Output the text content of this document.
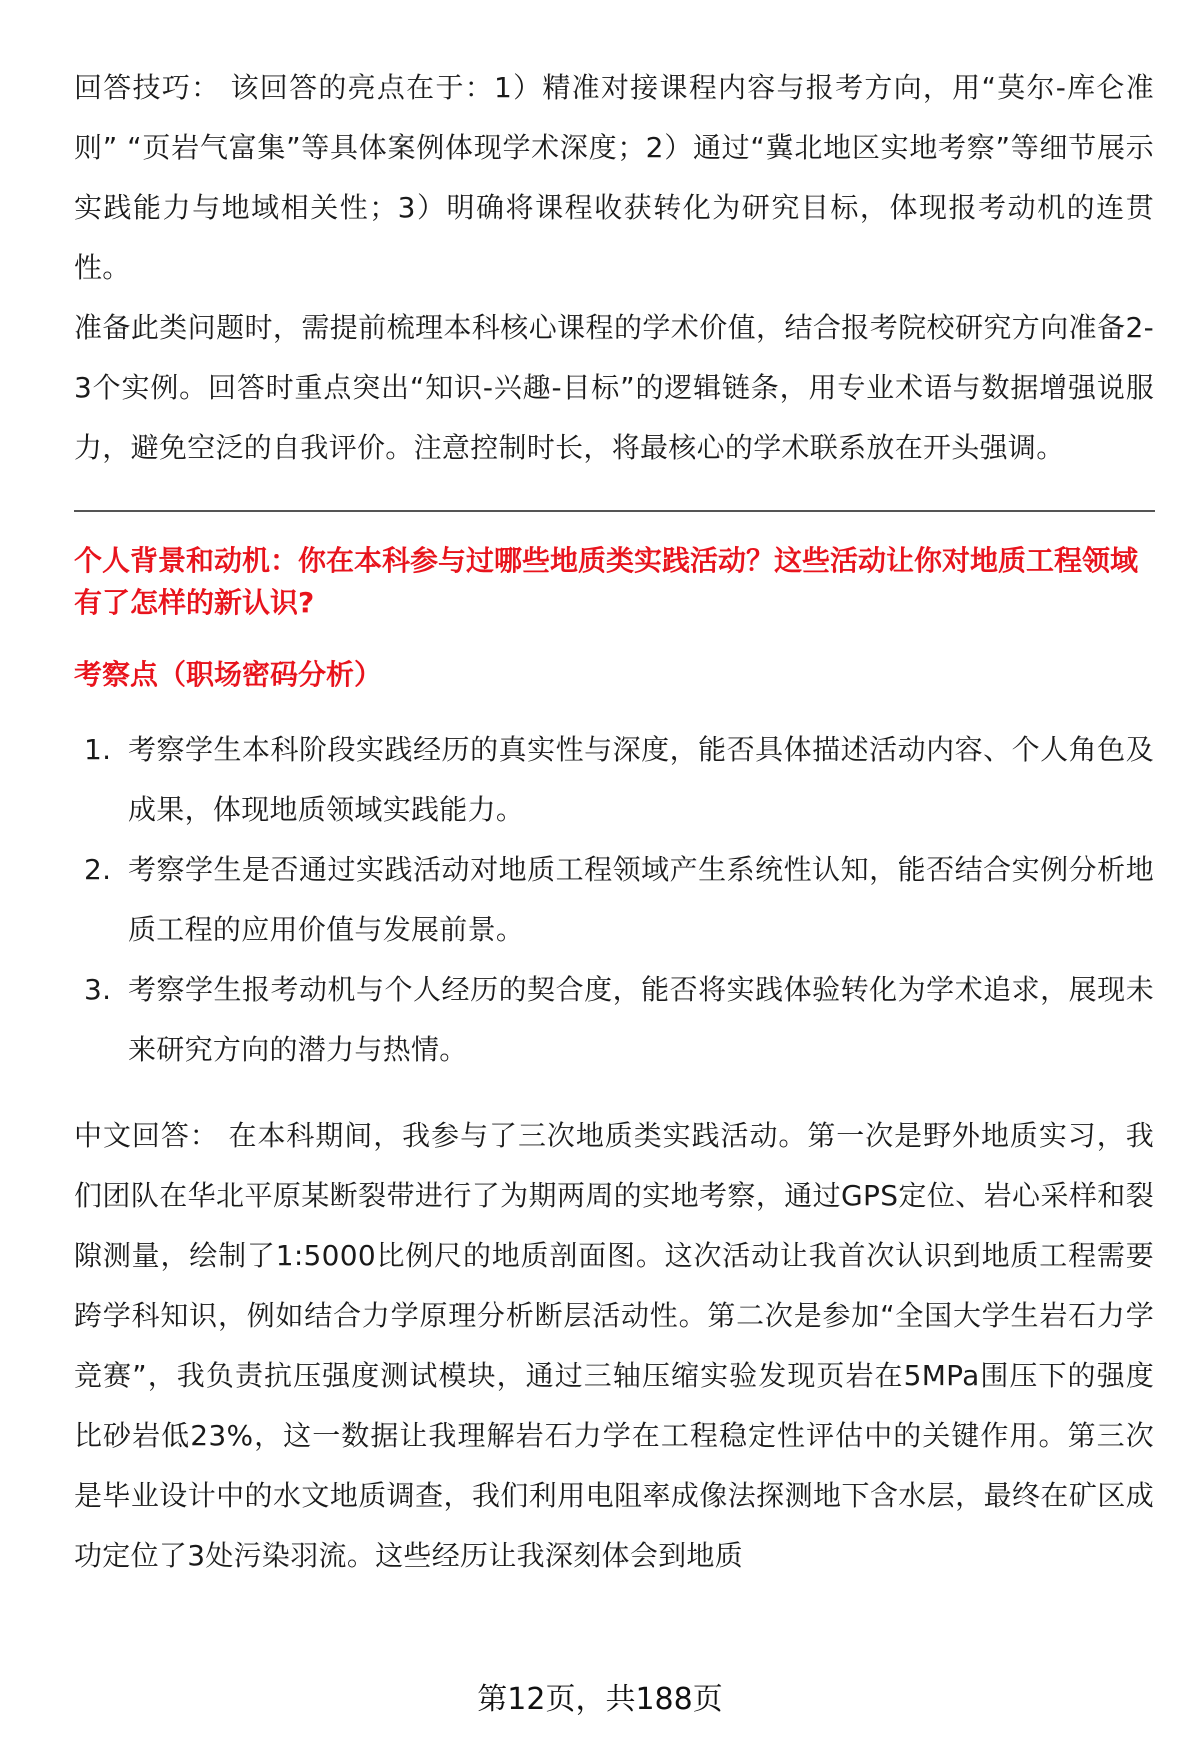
回答技巧： 该回答的亮点在于：1）精准对接课程内容与报考方向，用“莫尔-库仑准则” “页岩气富集”等具体案例体现学术深度；2）通过“冀北地区实地考察”等细节展示实践能力与地域相关性；3）明确将课程收获转化为研究目标，体现报考动机的连贯性。

准备此类问题时，需提前梳理本科核心课程的学术价值，结合报考院校研究方向准备2-3个实例。回答时重点突出“知识-兴趣-目标”的逻辑链条，用专业术语与数据增强说服力，避免空泛的自我评价。注意控制时长，将最核心的学术联系放在开头强调。

个人背景和动机：你在本科参与过哪些地质类实践活动？这些活动让你对地质工程领域有了怎样的新认识?

考察点（职场密码分析）

1. 考察学生本科阶段实践经历的真实性与深度，能否具体描述活动内容、个人角色及成果，体现地质领域实践能力。
2. 考察学生是否通过实践活动对地质工程领域产生系统性认知，能否结合实例分析地质工程的应用价值与发展前景。
3. 考察学生报考动机与个人经历的契合度，能否将实践体验转化为学术追求，展现未来研究方向的潜力与热情。

中文回答： 在本科期间，我参与了三次地质类实践活动。第一次是野外地质实习，我们团队在华北平原某断裂带进行了为期两周的实地考察，通过GPS定位、岩心采样和裂隙测量，绘制了1:5000比例尺的地质剖面图。这次活动让我首次认识到地质工程需要跨学科知识，例如结合力学原理分析断层活动性。第二次是参加“全国大学生岩石力学竞赛”，我负责抗压强度测试模块，通过三轴压缩实验发现页岩在5MPa围压下的强度比砂岩低23%，这一数据让我理解岩石力学在工程稳定性评估中的关键作用。第三次是毕业设计中的水文地质调查，我们利用电阻率成像法探测地下含水层，最终在矿区成功定位了3处污染羽流。这些经历让我深刻体会到地质

第12页，共188页
